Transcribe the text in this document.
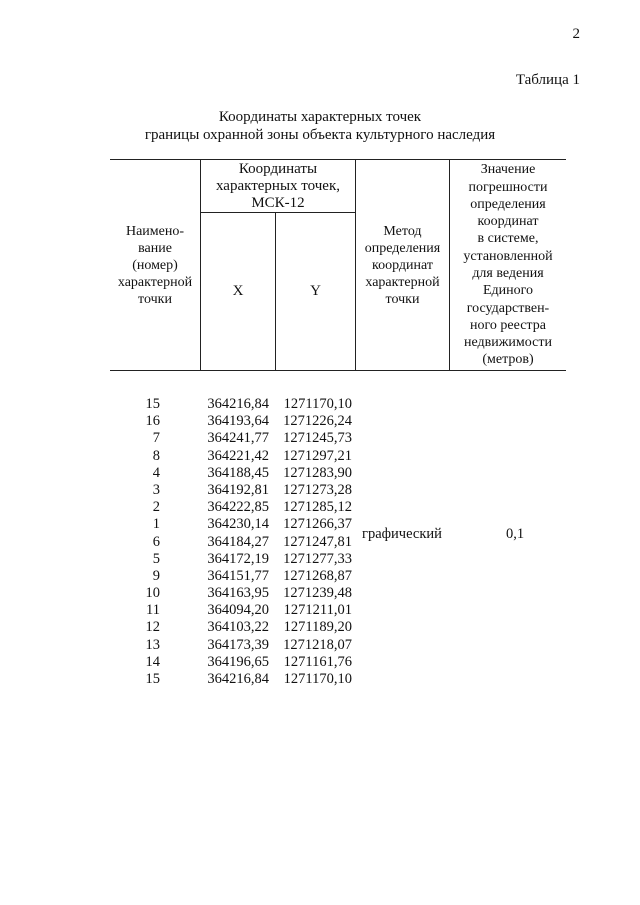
2
Таблица 1
Координаты характерных точек
границы охранной зоны объекта культурного наследия
Наимено-
вание
(номер)
характерной
точки
Координаты
характерных точек,
МСК-12
X	Y
Метод
определения
координат
характерной
точки
Значение
погрешности
определения
координат
в системе,
установленной
для ведения
Единого
государствен-
ного реестра
недвижимости
(метров)
15	364216,84	1271170,10
16	364193,64 1271226,24
7	364241,77 1271245,73
8	364221,42 1271297,21
4	364188,45 1271283,90
3	364192,81 1271273,28
2	364222,85 1271285,12
1	364230,14 1271266,37
6	364184,27 1271247,81
5	364172,19 1271277,33
9	364151,77 1271268,87
10	364163,95 1271239,48
11	364094,20	1271211,01
12	364103,22	1271189,20
13	364173,39 1271218,07
14	364196,65	1271161,76
15	364216,84	1271170,10
графический	0,1
